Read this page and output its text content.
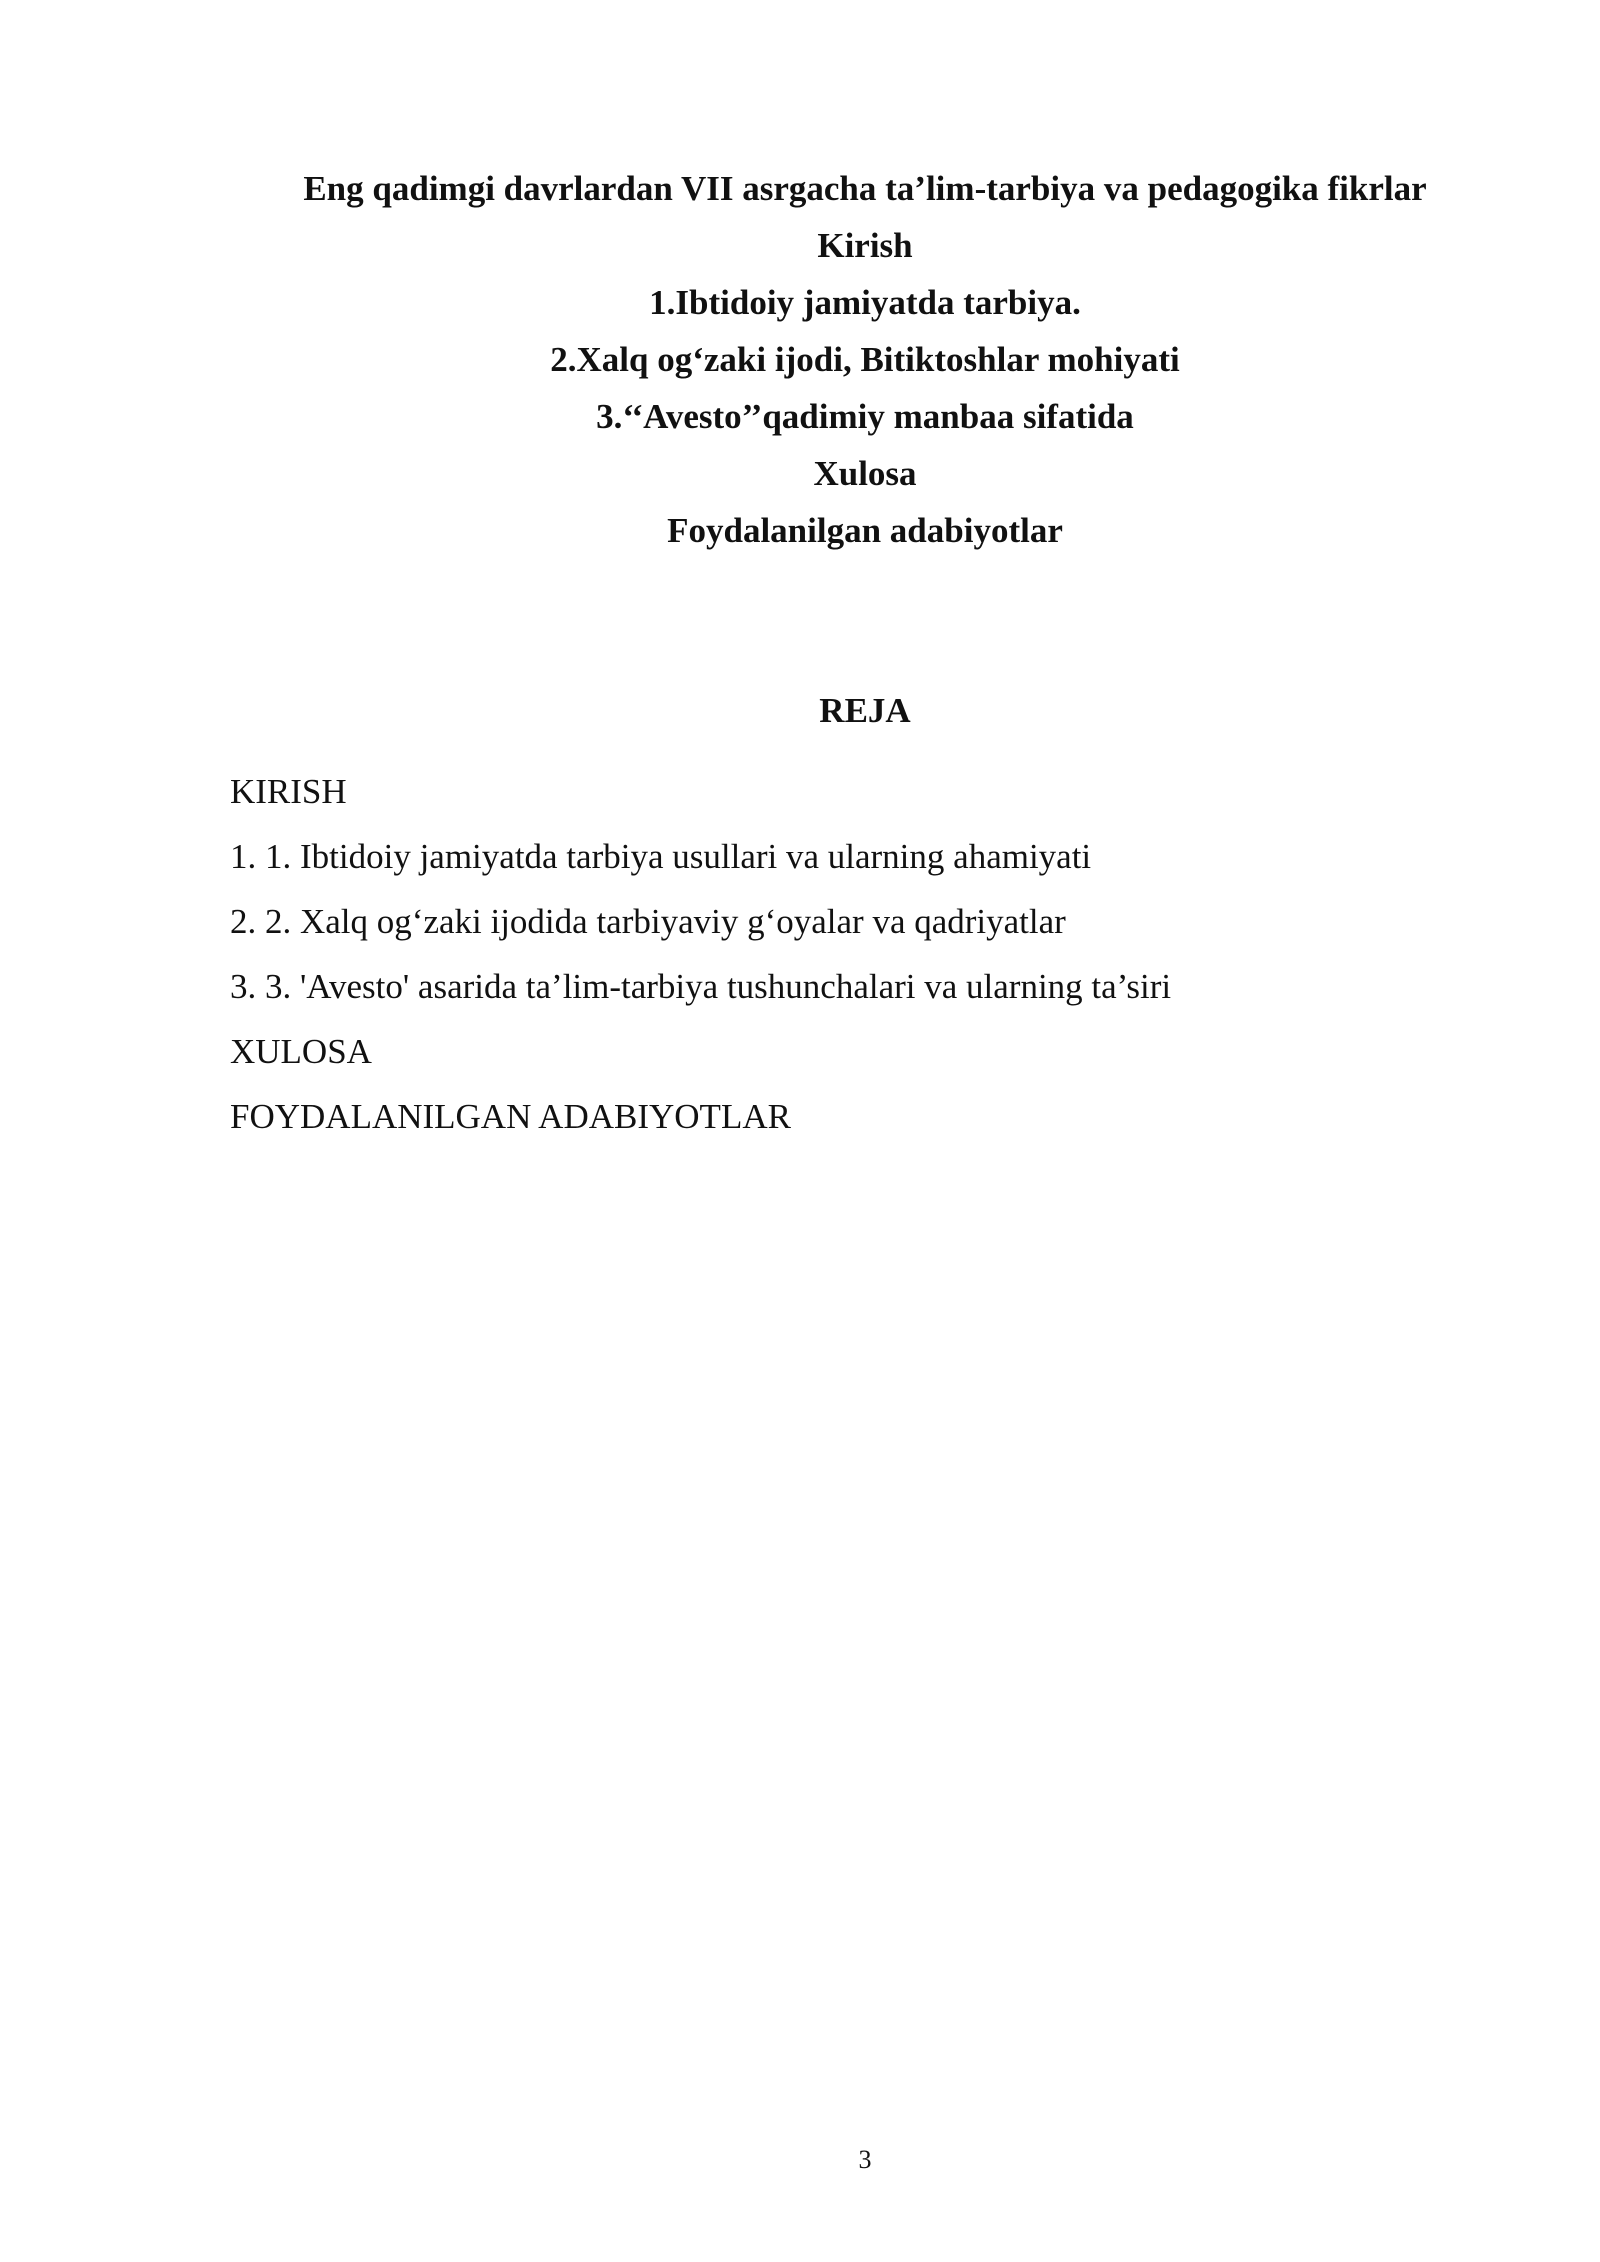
Eng qadimgi davrlardan VII asrgacha ta’lim-tarbiya va pedagogika fikrlar
Kirish
1.Ibtidoiy jamiyatda tarbiya.
2.Xalq og‘zaki ijodi, Bitiktoshlar mohiyati
3.‘‘Avesto’’qadimiy manbaa sifatida
Xulosa
Foydalanilgan adabiyotlar
REJA
KIRISH
1. 1. Ibtidoiy jamiyatda tarbiya usullari va ularning ahamiyati
2. 2. Xalq og‘zaki ijodida tarbiyaviy g‘oyalar va qadriyatlar
3. 3. 'Avesto' asarida ta’lim-tarbiya tushunchalari va ularning ta’siri
XULOSA
FOYDALANILGAN ADABIYOTLAR
3
